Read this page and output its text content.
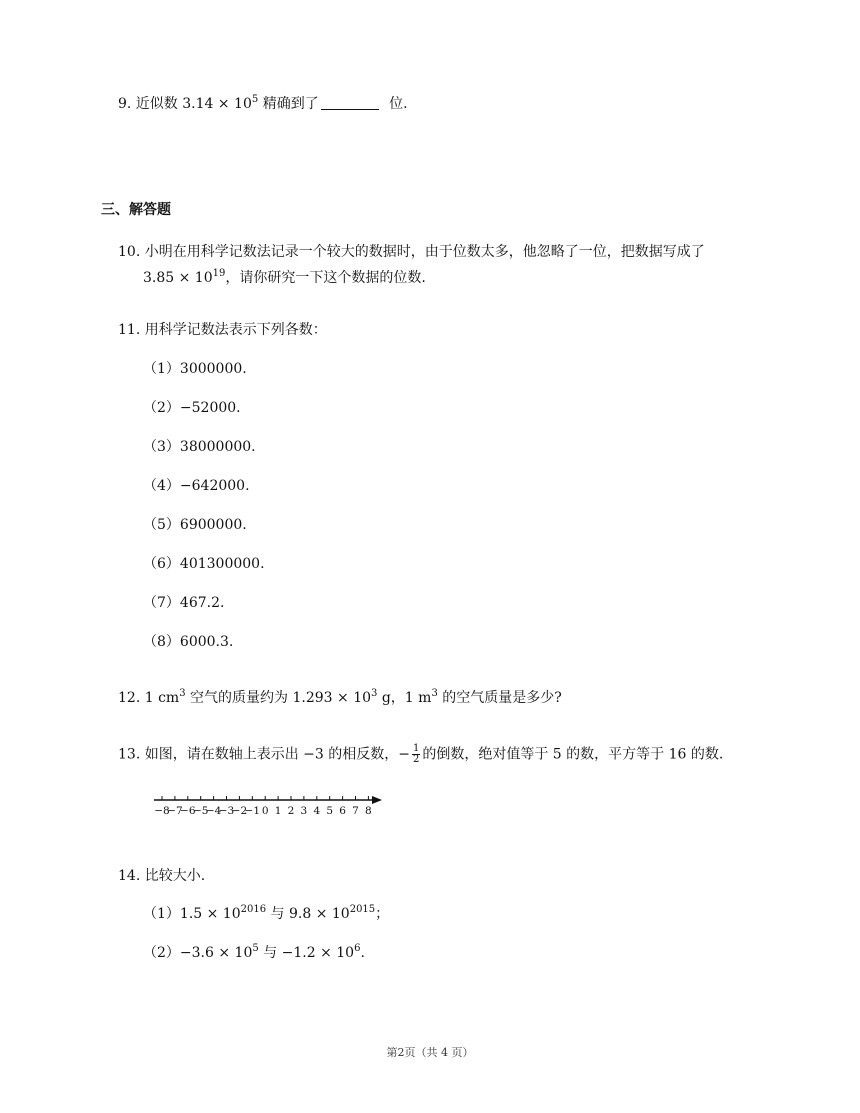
9. 近似数 $3.14 \times 10^5$ 精确到了	位.
三、解答题
10. 小明在用科学记数法记录一个较大的数据时，由于位数太多，他忽略了一位，把数据写成了
$3.85 \times 10^{19}$，请你研究一下这个数据的位数.
11. 用科学记数法表示下列各数：
（1）3000000.
（2）−52000.
（3）38000000.
（4）−642000.
（5）6900000.
（6）401300000.
（7）467.2.
（8）6000.3.
12. 1 $cm^3$ 空气的质量约为 $1.293 \times 10^3$ g，1 $m^3$ 的空气质量是多少?
13. 如图，请在数轴上表示出 −3 的相反数，− $\frac{1}{2}$ 的倒数，绝对值等于 5 的数，平方等于 16 的数.
−8
−7
−6
−5
−4
−3
−2
−1 0 1 2 3 4 5 6 7 8
14. 比较大小.
$(1)1.5 \times 10^{2016}$ 与 $9.8 \times 10^{2015}$；
$(2)-3.6 \times 10^5$ 与 $-1.2 \times 10^6$.
第2页（共 4 页）
